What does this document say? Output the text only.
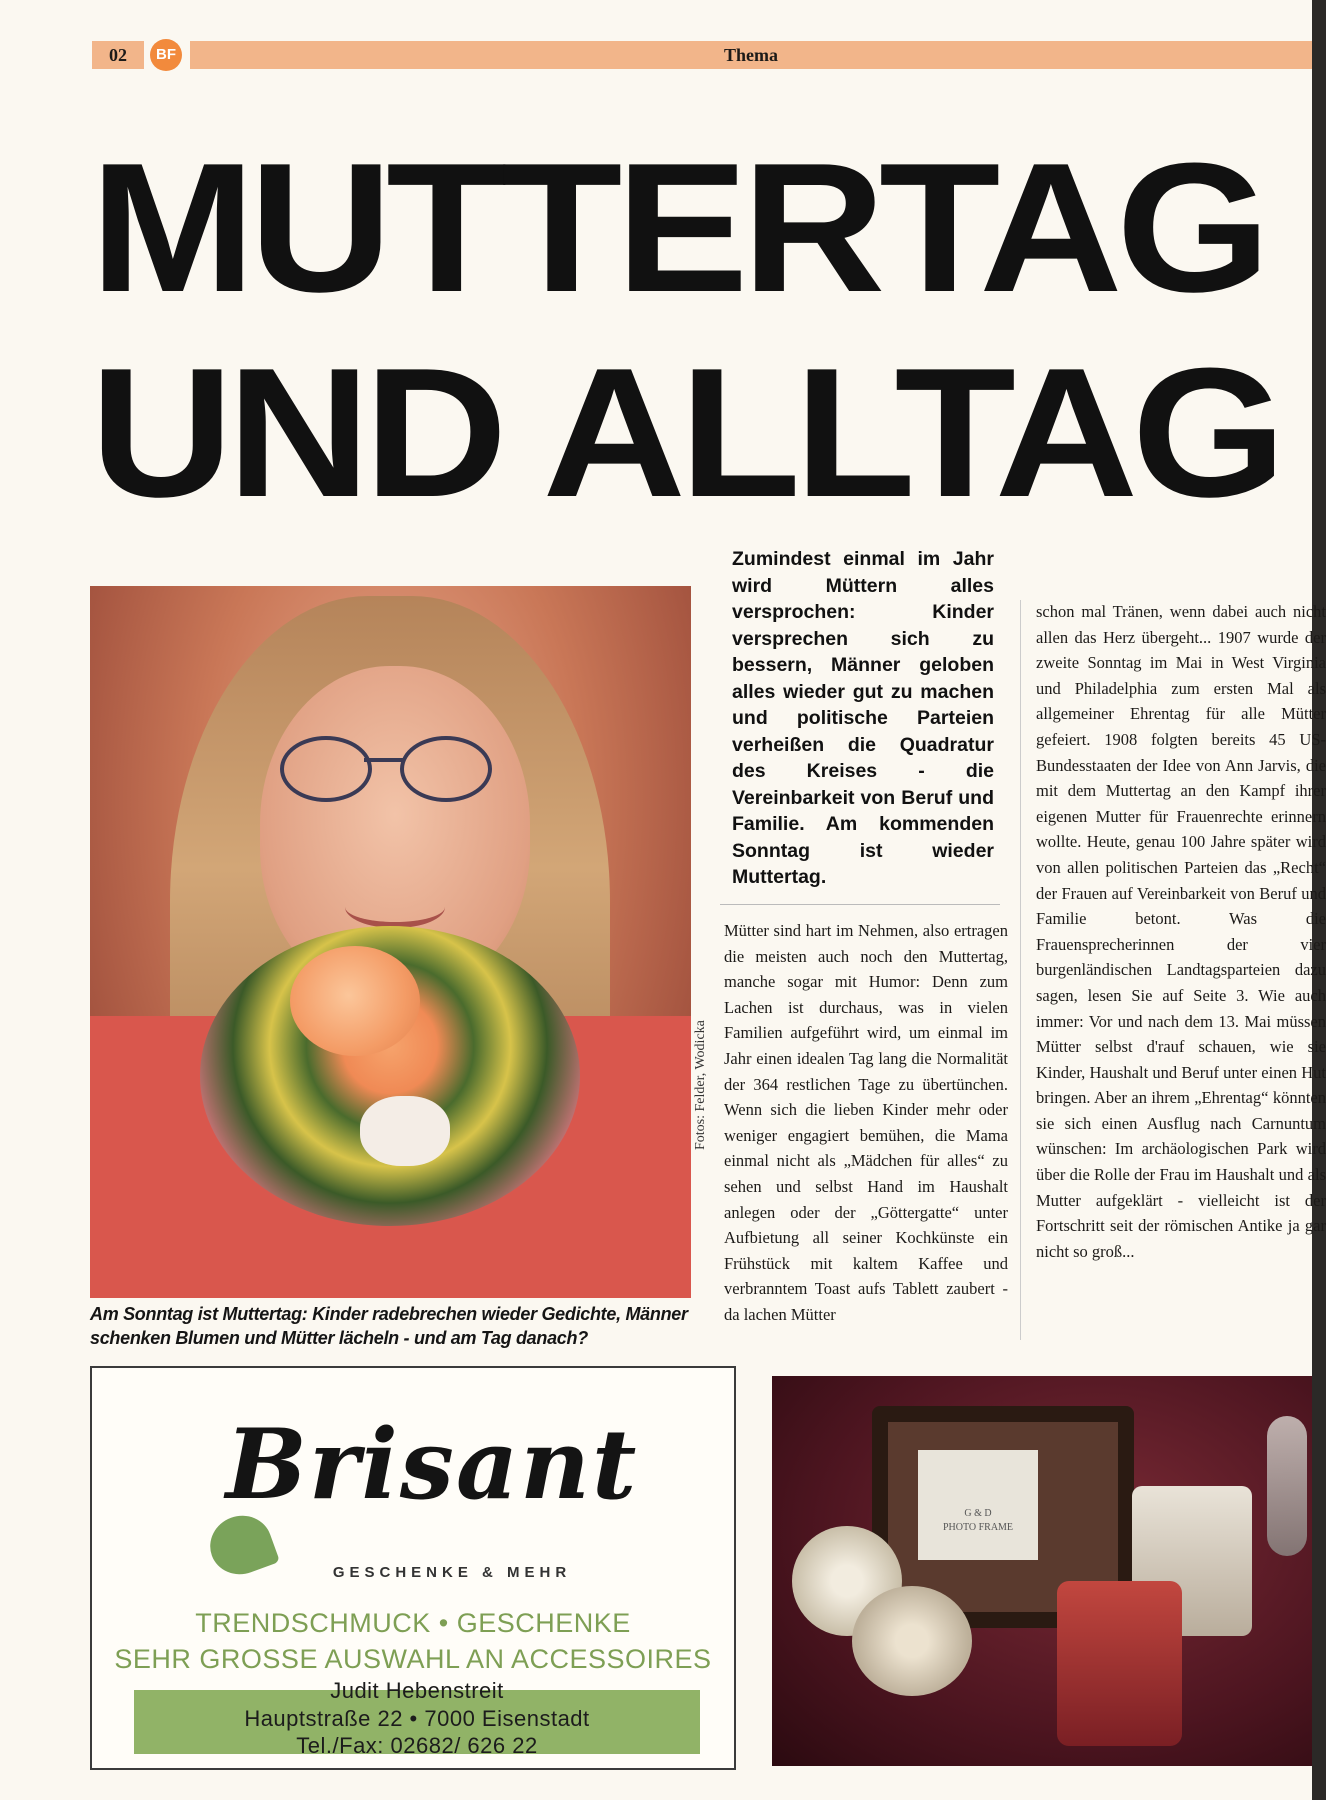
02	BF	Thema
MUTTERTAG
UND ALLTAG
Fotos: Felder, Wodicka

Am Sonntag ist Muttertag: Kinder radebrechen wieder Gedichte, Männer schenken Blumen und Mütter lächeln - und am Tag danach?

Zumindest einmal im Jahr wird Müttern alles versprochen: Kinder versprechen sich zu bessern, Männer geloben alles wieder gut zu machen und politische Parteien verheißen die Quadratur des Kreises - die Vereinbarkeit von Beruf und Familie. Am kommenden Sonntag ist wieder Muttertag.

Mütter sind hart im Nehmen, also ertragen die meisten auch noch den Muttertag, manche sogar mit Humor: Denn zum Lachen ist durchaus, was in vielen Familien aufgeführt wird, um einmal im Jahr einen idealen Tag lang die Normalität der 364 restlichen Tage zu übertünchen. Wenn sich die lieben Kinder mehr oder weniger engagiert bemühen, die Mama einmal nicht als „Mädchen für alles“ zu sehen und selbst Hand im Haushalt anlegen oder der „Göttergatte“ unter Aufbietung all seiner Kochkünste ein Frühstück mit kaltem Kaffee und verbranntem Toast aufs Tablett zaubert - da lachen Mütter

schon mal Tränen, wenn dabei auch nicht allen das Herz übergeht... 1907 wurde der zweite Sonntag im Mai in West Virginia und Philadelphia zum ersten Mal als allgemeiner Ehrentag für alle Mütter gefeiert. 1908 folgten bereits 45 US-Bundesstaaten der Idee von Ann Jarvis, die mit dem Muttertag an den Kampf ihrer eigenen Mutter für Frauenrechte erinnern wollte. Heute, genau 100 Jahre später wird von allen politischen Parteien das „Recht“ der Frauen auf Vereinbarkeit von Beruf und Familie betont. Was die Frauensprecherinnen der vier burgenländischen Landtagsparteien dazu sagen, lesen Sie auf Seite 3. Wie auch immer: Vor und nach dem 13. Mai müssen Mütter selbst d'rauf schauen, wie sie Kinder, Haushalt und Beruf unter einen Hut bringen. Aber an ihrem „Ehrentag“ könnten sie sich einen Ausflug nach Carnuntum wünschen: Im archäologischen Park wird über die Rolle der Frau im Haushalt und als Mutter aufgeklärt - vielleicht ist der Fortschritt seit der römischen Antike ja gar nicht so groß...

Brisant
GESCHENKE & MEHR
TRENDSCHMUCK • GESCHENKE
SEHR GROSSE AUSWAHL AN ACCESSOIRES
Judit Hebenstreit
Hauptstraße 22 • 7000 Eisenstadt
Tel./Fax: 02682/ 626 22
G & D
PHOTO FRAME
